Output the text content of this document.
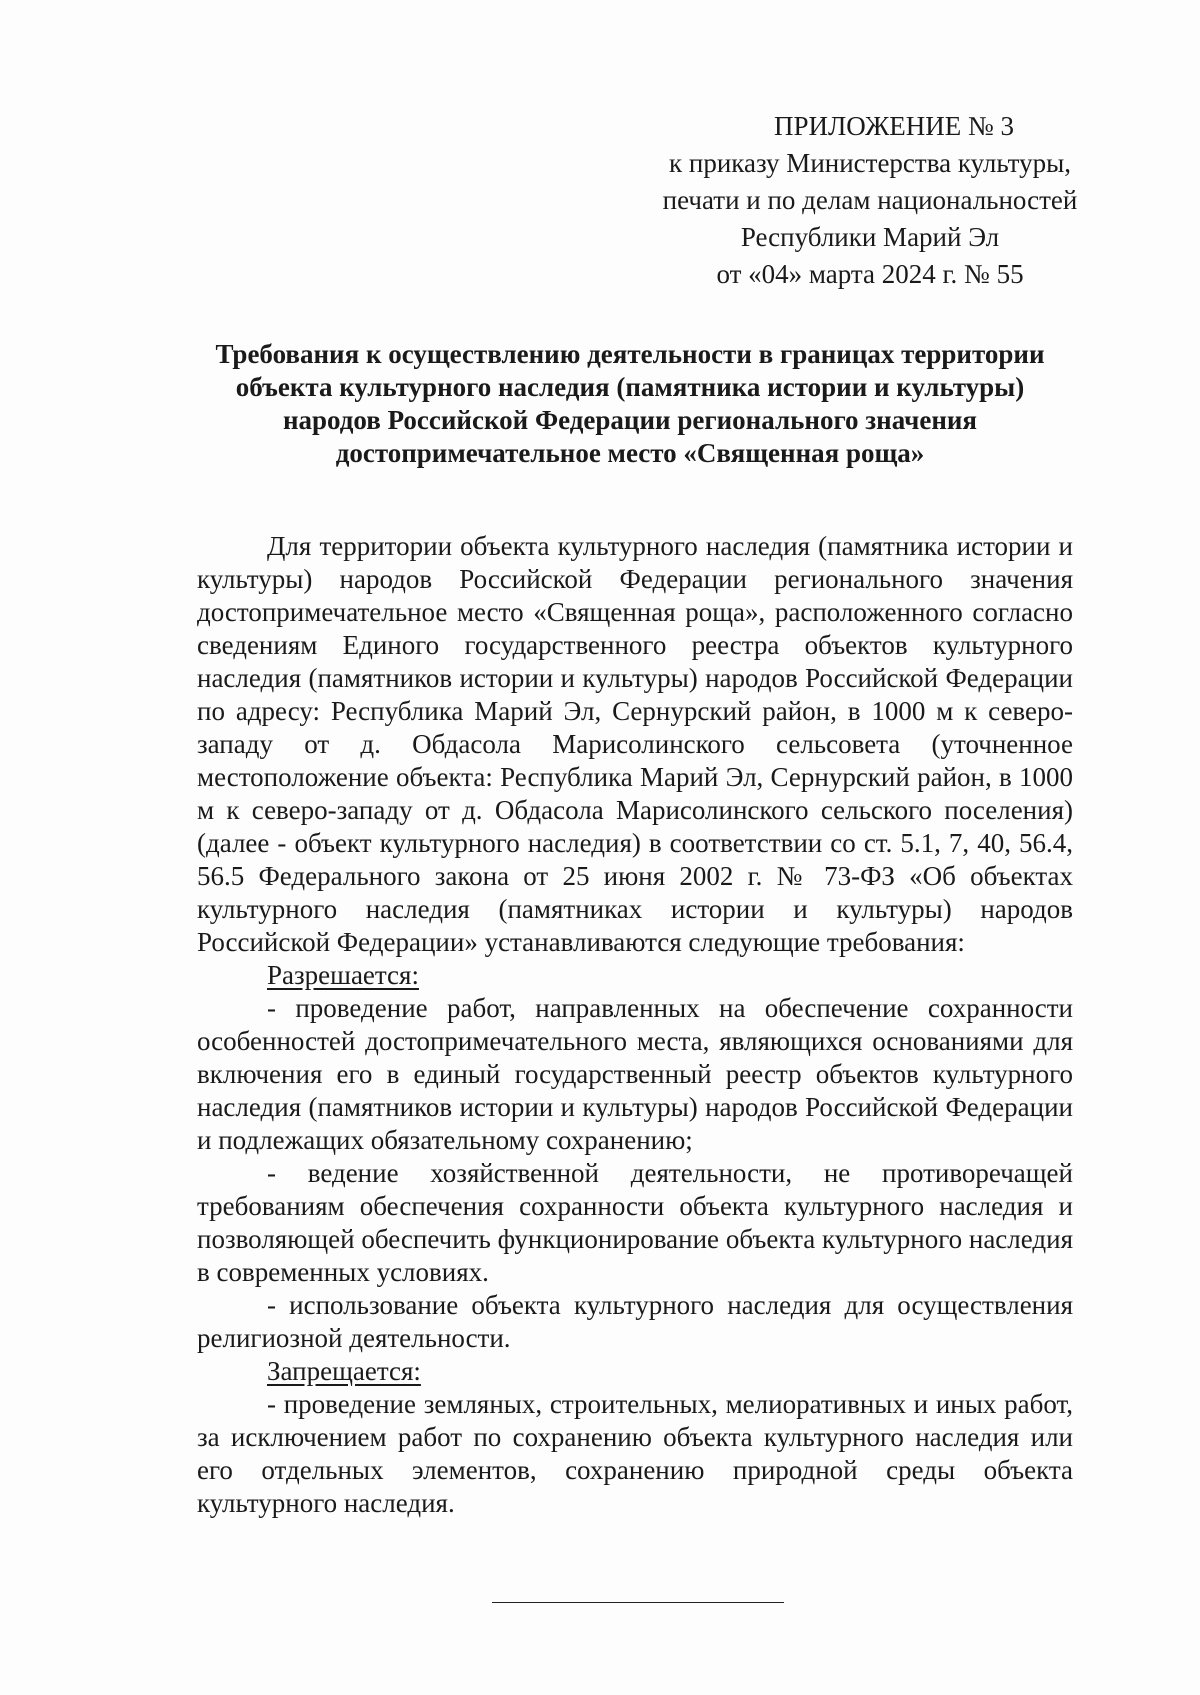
ПРИЛОЖЕНИЕ № 3
к приказу Министерства культуры,
печати и по делам национальностей
Республики Марий Эл
от «04» марта 2024 г. № 55
Требования к осуществлению деятельности в границах территории
объекта культурного наследия (памятника истории и культуры)
народов Российской Федерации регионального значения
достопримечательное место «Священная роща»

Для территории объекта культурного наследия (памятника истории и культуры) народов Российской Федерации регионального значения достопримечательное место «Священная роща», расположенного согласно сведениям Единого государственного реестра объектов культурного наследия (памятников истории и культуры) народов Российской Федерации по адресу: Республика Марий Эл, Сернурский район, в 1000 м к северо-западу от д. Обдасола Марисолинского сельсовета (уточненное местоположение объекта: Республика Марий Эл, Сернурский район, в 1000 м к северо-западу от д. Обдасола Марисолинского сельского поселения) (далее - объект культурного наследия) в соответствии со ст. 5.1, 7, 40, 56.4, 56.5 Федерального закона от 25 июня 2002 г. № 73-ФЗ «Об объектах культурного наследия (памятниках истории и культуры) народов Российской Федерации» устанавливаются следующие требования:

Разрешается:

- проведение работ, направленных на обеспечение сохранности особенностей достопримечательного места, являющихся основаниями для включения его в единый государственный реестр объектов культурного наследия (памятников истории и культуры) народов Российской Федерации и подлежащих обязательному сохранению;

- ведение хозяйственной деятельности, не противоречащей требованиям обеспечения сохранности объекта культурного наследия и позволяющей обеспечить функционирование объекта культурного наследия в современных условиях.

- использование объекта культурного наследия для осуществления религиозной деятельности.

Запрещается:

- проведение земляных, строительных, мелиоративных и иных работ, за исключением работ по сохранению объекта культурного наследия или его отдельных элементов, сохранению природной среды объекта культурного наследия.
